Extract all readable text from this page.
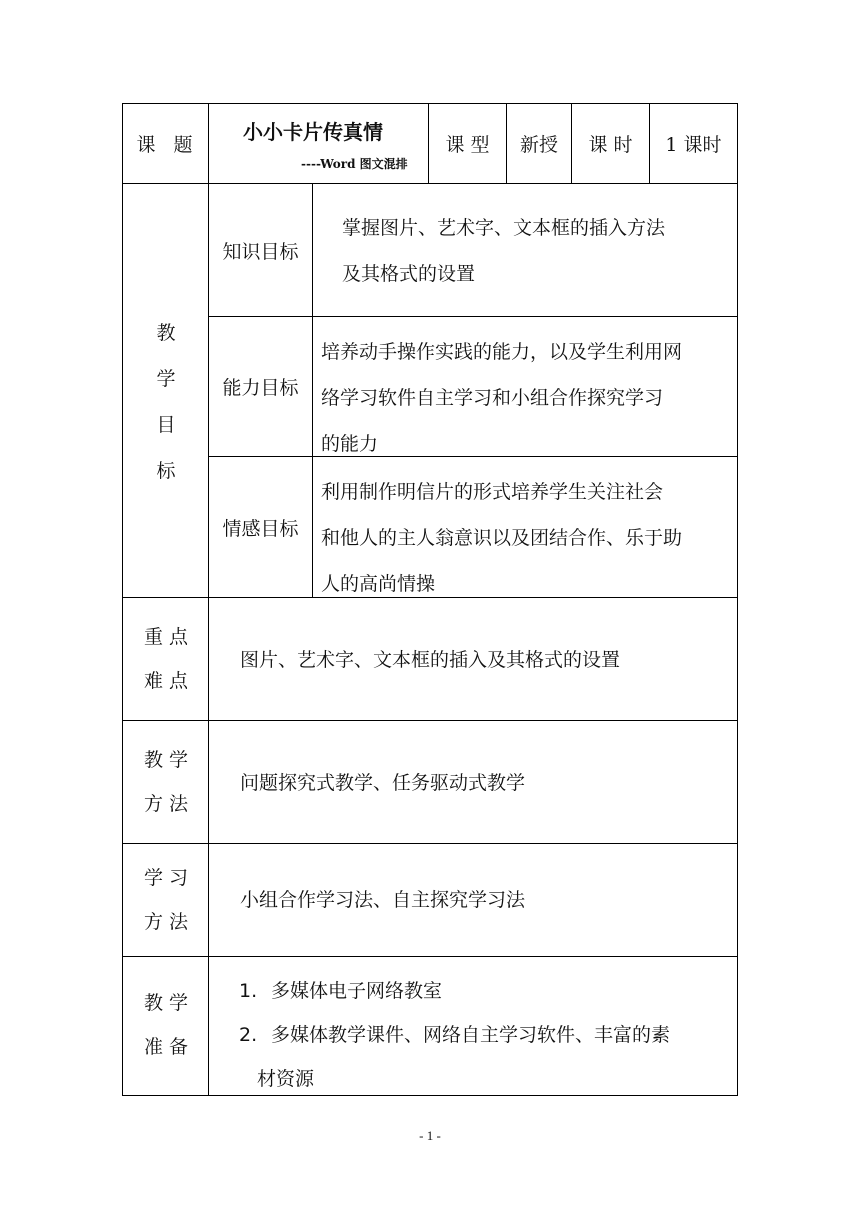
课  题
小小卡片传真情
----Word 图文混排
课 型 新授 课 时 1 课时
教
学
目
标
知识目标
掌握图片、艺术字、文本框的插入方法
及其格式的设置
能力目标
培养动手操作实践的能力，以及学生利用网
络学习软件自主学习和小组合作探究学习
的能力
情感目标
利用制作明信片的形式培养学生关注社会
和他人的主人翁意识以及团结合作、乐于助
人的高尚情操
重 点
难 点
图片、艺术字、文本框的插入及其格式的设置
教 学
方 法
问题探究式教学、任务驱动式教学
学 习
方 法
小组合作学习法、自主探究学习法
教 学
准 备
1. 多媒体电子网络教室
2. 多媒体教学课件、网络自主学习软件、丰富的素
材资源
- 1 -
